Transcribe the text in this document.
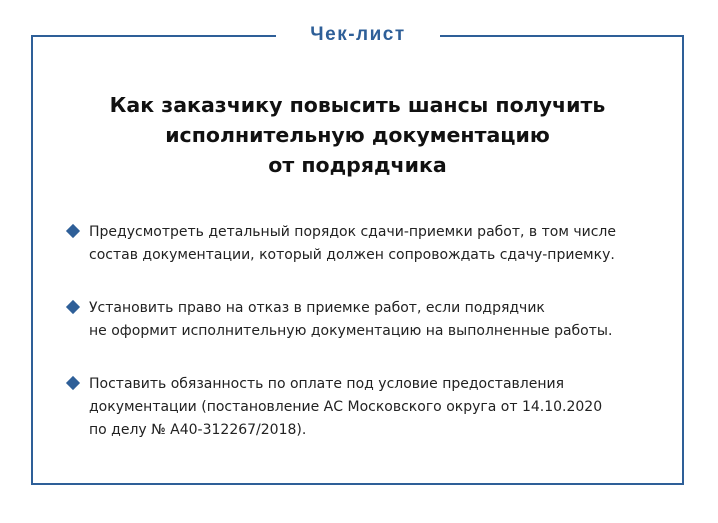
Чек-лист
Как заказчику повысить шансы получить
исполнительную документацию
от подрядчика
Предусмотреть детальный порядок сдачи-приемки работ, в том числе
состав документации, который должен сопровождать сдачу-приемку.
Установить право на отказ в приемке работ, если подрядчик
не оформит исполнительную документацию на выполненные работы.
Поставить обязанность по оплате под условие предоставления
документации (постановление АС Московского округа от 14.10.2020
по делу № А40-312267/2018).
